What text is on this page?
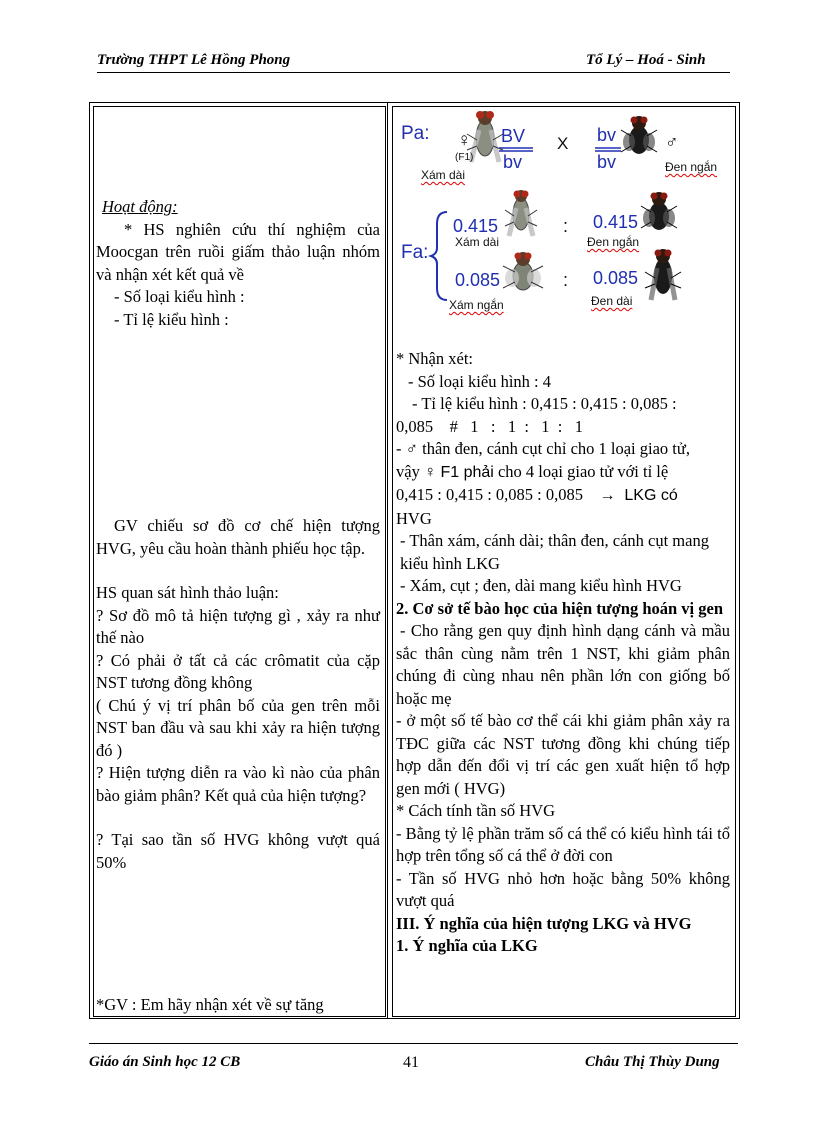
Trường THPT Lê Hồng Phong	Tổ Lý – Hoá - Sinh

Hoạt động:

* HS nghiên cứu thí nghiệm của Moocgan trên ruồi giấm thảo luận nhóm và nhận xét kết quả về

- Số loại kiểu hình :

- Tỉ lệ kiểu hình :

GV chiếu sơ đồ cơ chế hiện tượng HVG, yêu cầu hoàn thành phiếu học tập.

HS quan sát hình thảo luận:

? Sơ đồ mô tả hiện tượng gì , xảy ra như thế nào

? Có phải ở tất cả các crômatit của cặp NST tương đồng không

( Chú ý vị trí phân bố của gen trên mỗi NST ban đầu và sau khi xảy ra hiện tượng đó )

? Hiện tượng diễn ra vào kì nào của phân bào giảm phân? Kết quả của hiện tượng?

? Tại sao tần số HVG không vượt quá 50%

*GV : Em hãy nhận xét về sự tăng

Pa: ♀
(F1)
BV
bv
X bv
bv
♂
Xám dài
Đen ngắn
Fa:
0.415
Xám dài
: 0.415
Đen ngắn
0.085
Xám ngắn
: 0.085
Đen dài

* Nhận xét:

- Số loại kiểu hình : 4

- Tỉ lệ kiểu hình : 0,415 : 0,415 : 0,085 :

0,085    #   1   :   1  :   1  :   1

- ♂ thân đen, cánh cụt chỉ cho 1 loại giao tử,

vậy ♀ F1 phải cho 4 loại giao tử với tỉ lệ

0,415 : 0,415 : 0,085 : 0,085    →  LKG có

HVG

- Thân xám, cánh dài; thân đen, cánh cụt mang kiểu hình LKG

- Xám, cụt ; đen, dài mang kiểu hình HVG

2. Cơ sở tế bào học của hiện tượng hoán vị gen

- Cho rằng gen quy định hình dạng cánh và mầu sắc thân cùng nằm trên 1 NST, khi giảm phân chúng đi cùng nhau nên phần lớn con giống bố hoặc mẹ

- ở một số tế bào cơ thể cái khi giảm phân xảy ra TĐC giữa các NST tương đồng khi chúng tiếp hợp dẫn đến đổi vị trí các gen xuất hiện tổ hợp gen mới ( HVG)

* Cách tính tần số HVG

- Bằng tỷ lệ phần trăm số cá thể có kiểu hình tái tổ hợp trên tổng số cá thể ở đời con

- Tần số HVG nhỏ hơn hoặc bằng 50% không vượt quá

III. Ý nghĩa của hiện tượng LKG và HVG

1. Ý nghĩa của LKG

Giáo án Sinh học 12 CB	41	Châu Thị Thùy Dung
